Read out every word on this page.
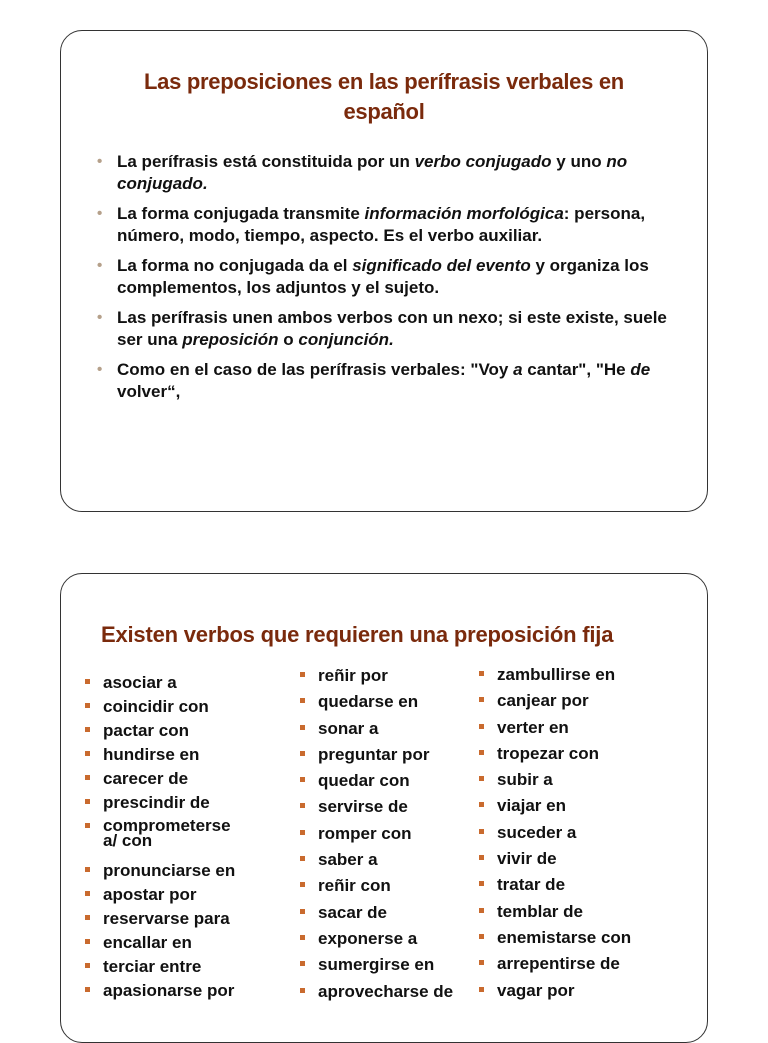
Las preposiciones en las perífrasis verbales en
español
• La perífrasis está constituida por un verbo conjugado y uno no conjugado.
• La forma conjugada transmite información morfológica: persona, número, modo, tiempo, aspecto. Es el verbo auxiliar.
• La forma no conjugada da el significado del evento y organiza los complementos, los adjuntos y el sujeto.
• Las perífrasis unen ambos verbos con un nexo; si este existe, suele ser una preposición o conjunción.
• Como en el caso de las perífrasis verbales: "Voy a cantar", "He de volver“,
Existen verbos que requieren una preposición fija
asociar a
coincidir con
pactar con
hundirse en
carecer de
prescindir de
comprometerse
a/ con
pronunciarse en
apostar por
reservarse para
encallar en
terciar entre
apasionarse por
reñir por
quedarse en
sonar a
preguntar por
quedar con
servirse de
romper con
saber a
reñir con
sacar de
exponerse a
sumergirse en
aprovecharse de
zambullirse en
canjear por
verter en
tropezar con
subir a
viajar en
suceder a
vivir de
tratar de
temblar de
enemistarse con
arrepentirse de
vagar por
